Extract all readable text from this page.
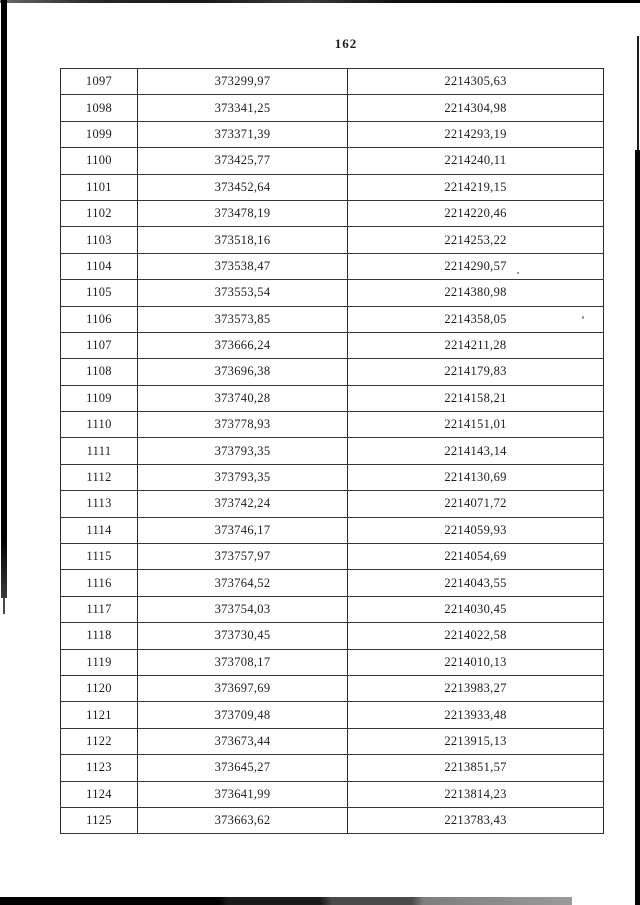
162
1097	373299,97	2214305,63
1098	373341,25	2214304,98
1099	373371,39	2214293,19
1100	373425,77	2214240,11
1101	373452,64	2214219,15
1102	373478,19	2214220,46
1103	373518,16	2214253,22
1104	373538,47	2214290,57
1105	373553,54	2214380,98
1106	373573,85	2214358,05
1107	373666,24	2214211,28
1108	373696,38	2214179,83
1109	373740,28	2214158,21
1110	373778,93	2214151,01
1111	373793,35	2214143,14
1112	373793,35	2214130,69
1113	373742,24	2214071,72
1114	373746,17	2214059,93
1115	373757,97	2214054,69
1116	373764,52	2214043,55
1117	373754,03	2214030,45
1118	373730,45	2214022,58
1119	373708,17	2214010,13
1120	373697,69	2213983,27
1121	373709,48	2213933,48
1122	373673,44	2213915,13
1123	373645,27	2213851,57
1124	373641,99	2213814,23
1125	373663,62	2213783,43
